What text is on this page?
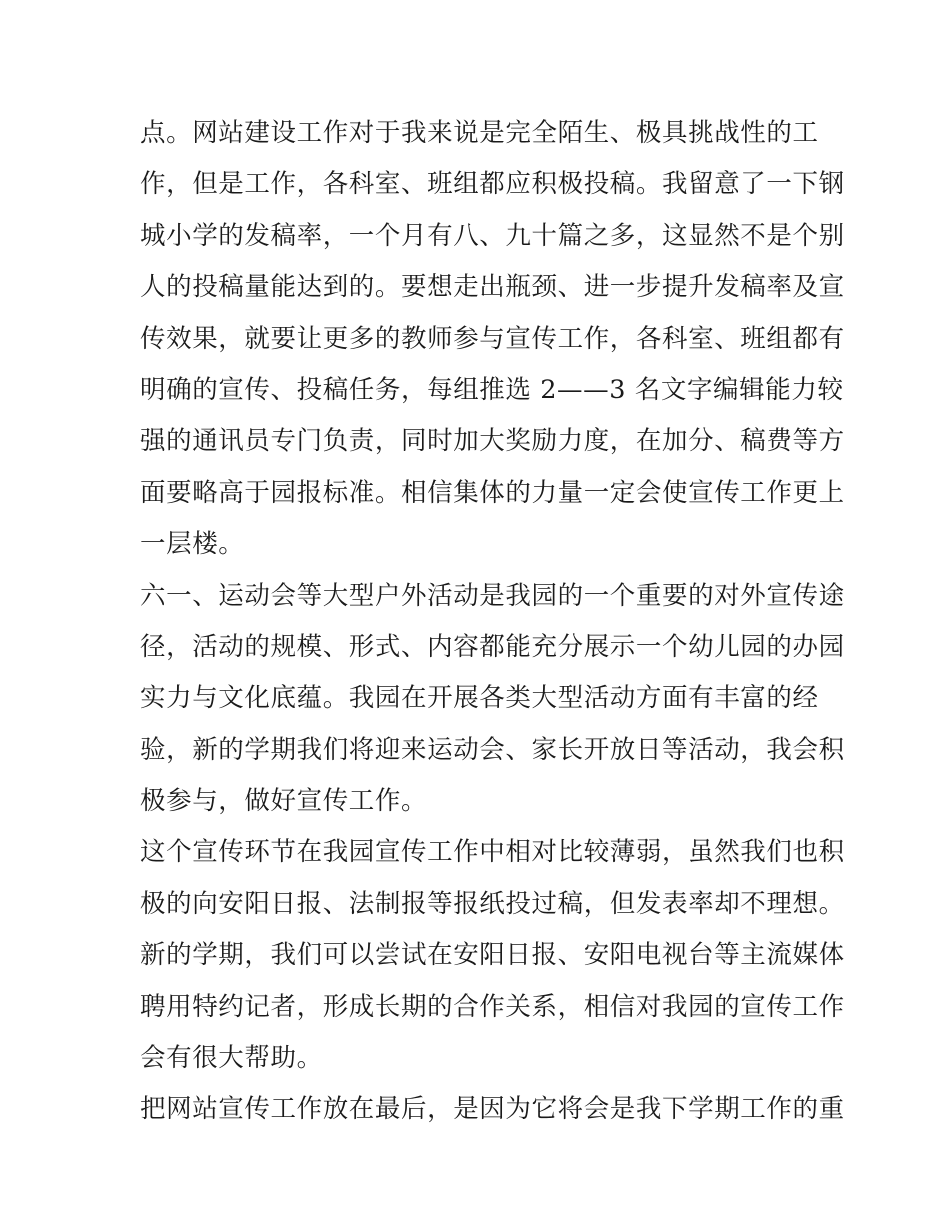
点。网站建设工作对于我来说是完全陌生、极具挑战性的工
作，但是工作，各科室、班组都应积极投稿。我留意了一下钢
城小学的发稿率，一个月有八、九十篇之多，这显然不是个别
人的投稿量能达到的。要想走出瓶颈、进一步提升发稿率及宣
传效果，就要让更多的教师参与宣传工作，各科室、班组都有
明确的宣传、投稿任务，每组推选 2——3 名文字编辑能力较
强的通讯员专门负责，同时加大奖励力度，在加分、稿费等方
面要略高于园报标准。相信集体的力量一定会使宣传工作更上
一层楼。
六一、运动会等大型户外活动是我园的一个重要的对外宣传途
径，活动的规模、形式、内容都能充分展示一个幼儿园的办园
实力与文化底蕴。我园在开展各类大型活动方面有丰富的经
验，新的学期我们将迎来运动会、家长开放日等活动，我会积
极参与，做好宣传工作。
这个宣传环节在我园宣传工作中相对比较薄弱，虽然我们也积
极的向安阳日报、法制报等报纸投过稿，但发表率却不理想。
新的学期，我们可以尝试在安阳日报、安阳电视台等主流媒体
聘用特约记者，形成长期的合作关系，相信对我园的宣传工作
会有很大帮助。
把网站宣传工作放在最后，是因为它将会是我下学期工作的重
